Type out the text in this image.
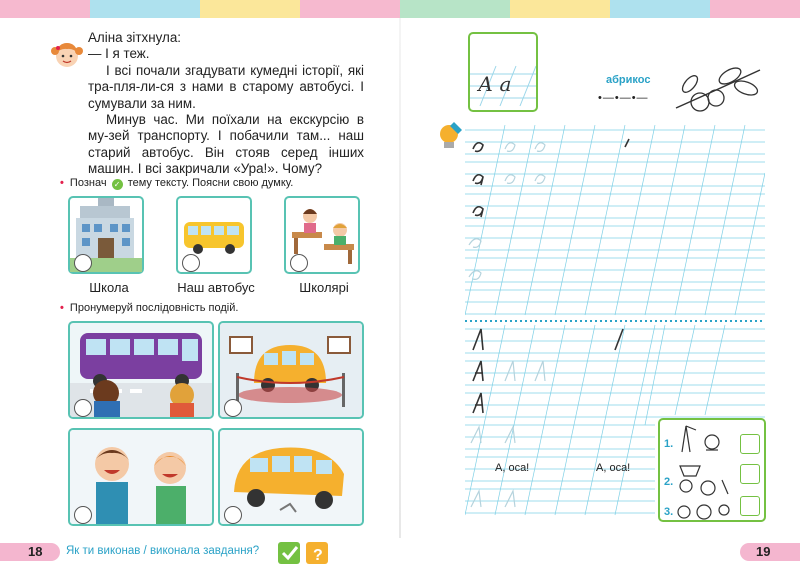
Аліна зітхнула:

— І я теж.

І всі почали згадувати кумедні історії, які тра-пля-ли-ся з нами в старому автобусі. І сумували за ним.

Минув час. Ми поїхали на екскурсію в му-зей транспорту. І побачили там... наш старий автобус. Він стояв серед інших машин. І всі закричали «Ура!». Чому?

• Познач ✓ тему тексту. Поясни свою думку.
Школа	Наш автобус	Школярі
• Пронумеруй послідовність подій.
18 Як ти виконав / виконала завдання?	?
А а	абрикос
•—•—•—
А, оса!	А, оса!
1.
2.
3.
19
